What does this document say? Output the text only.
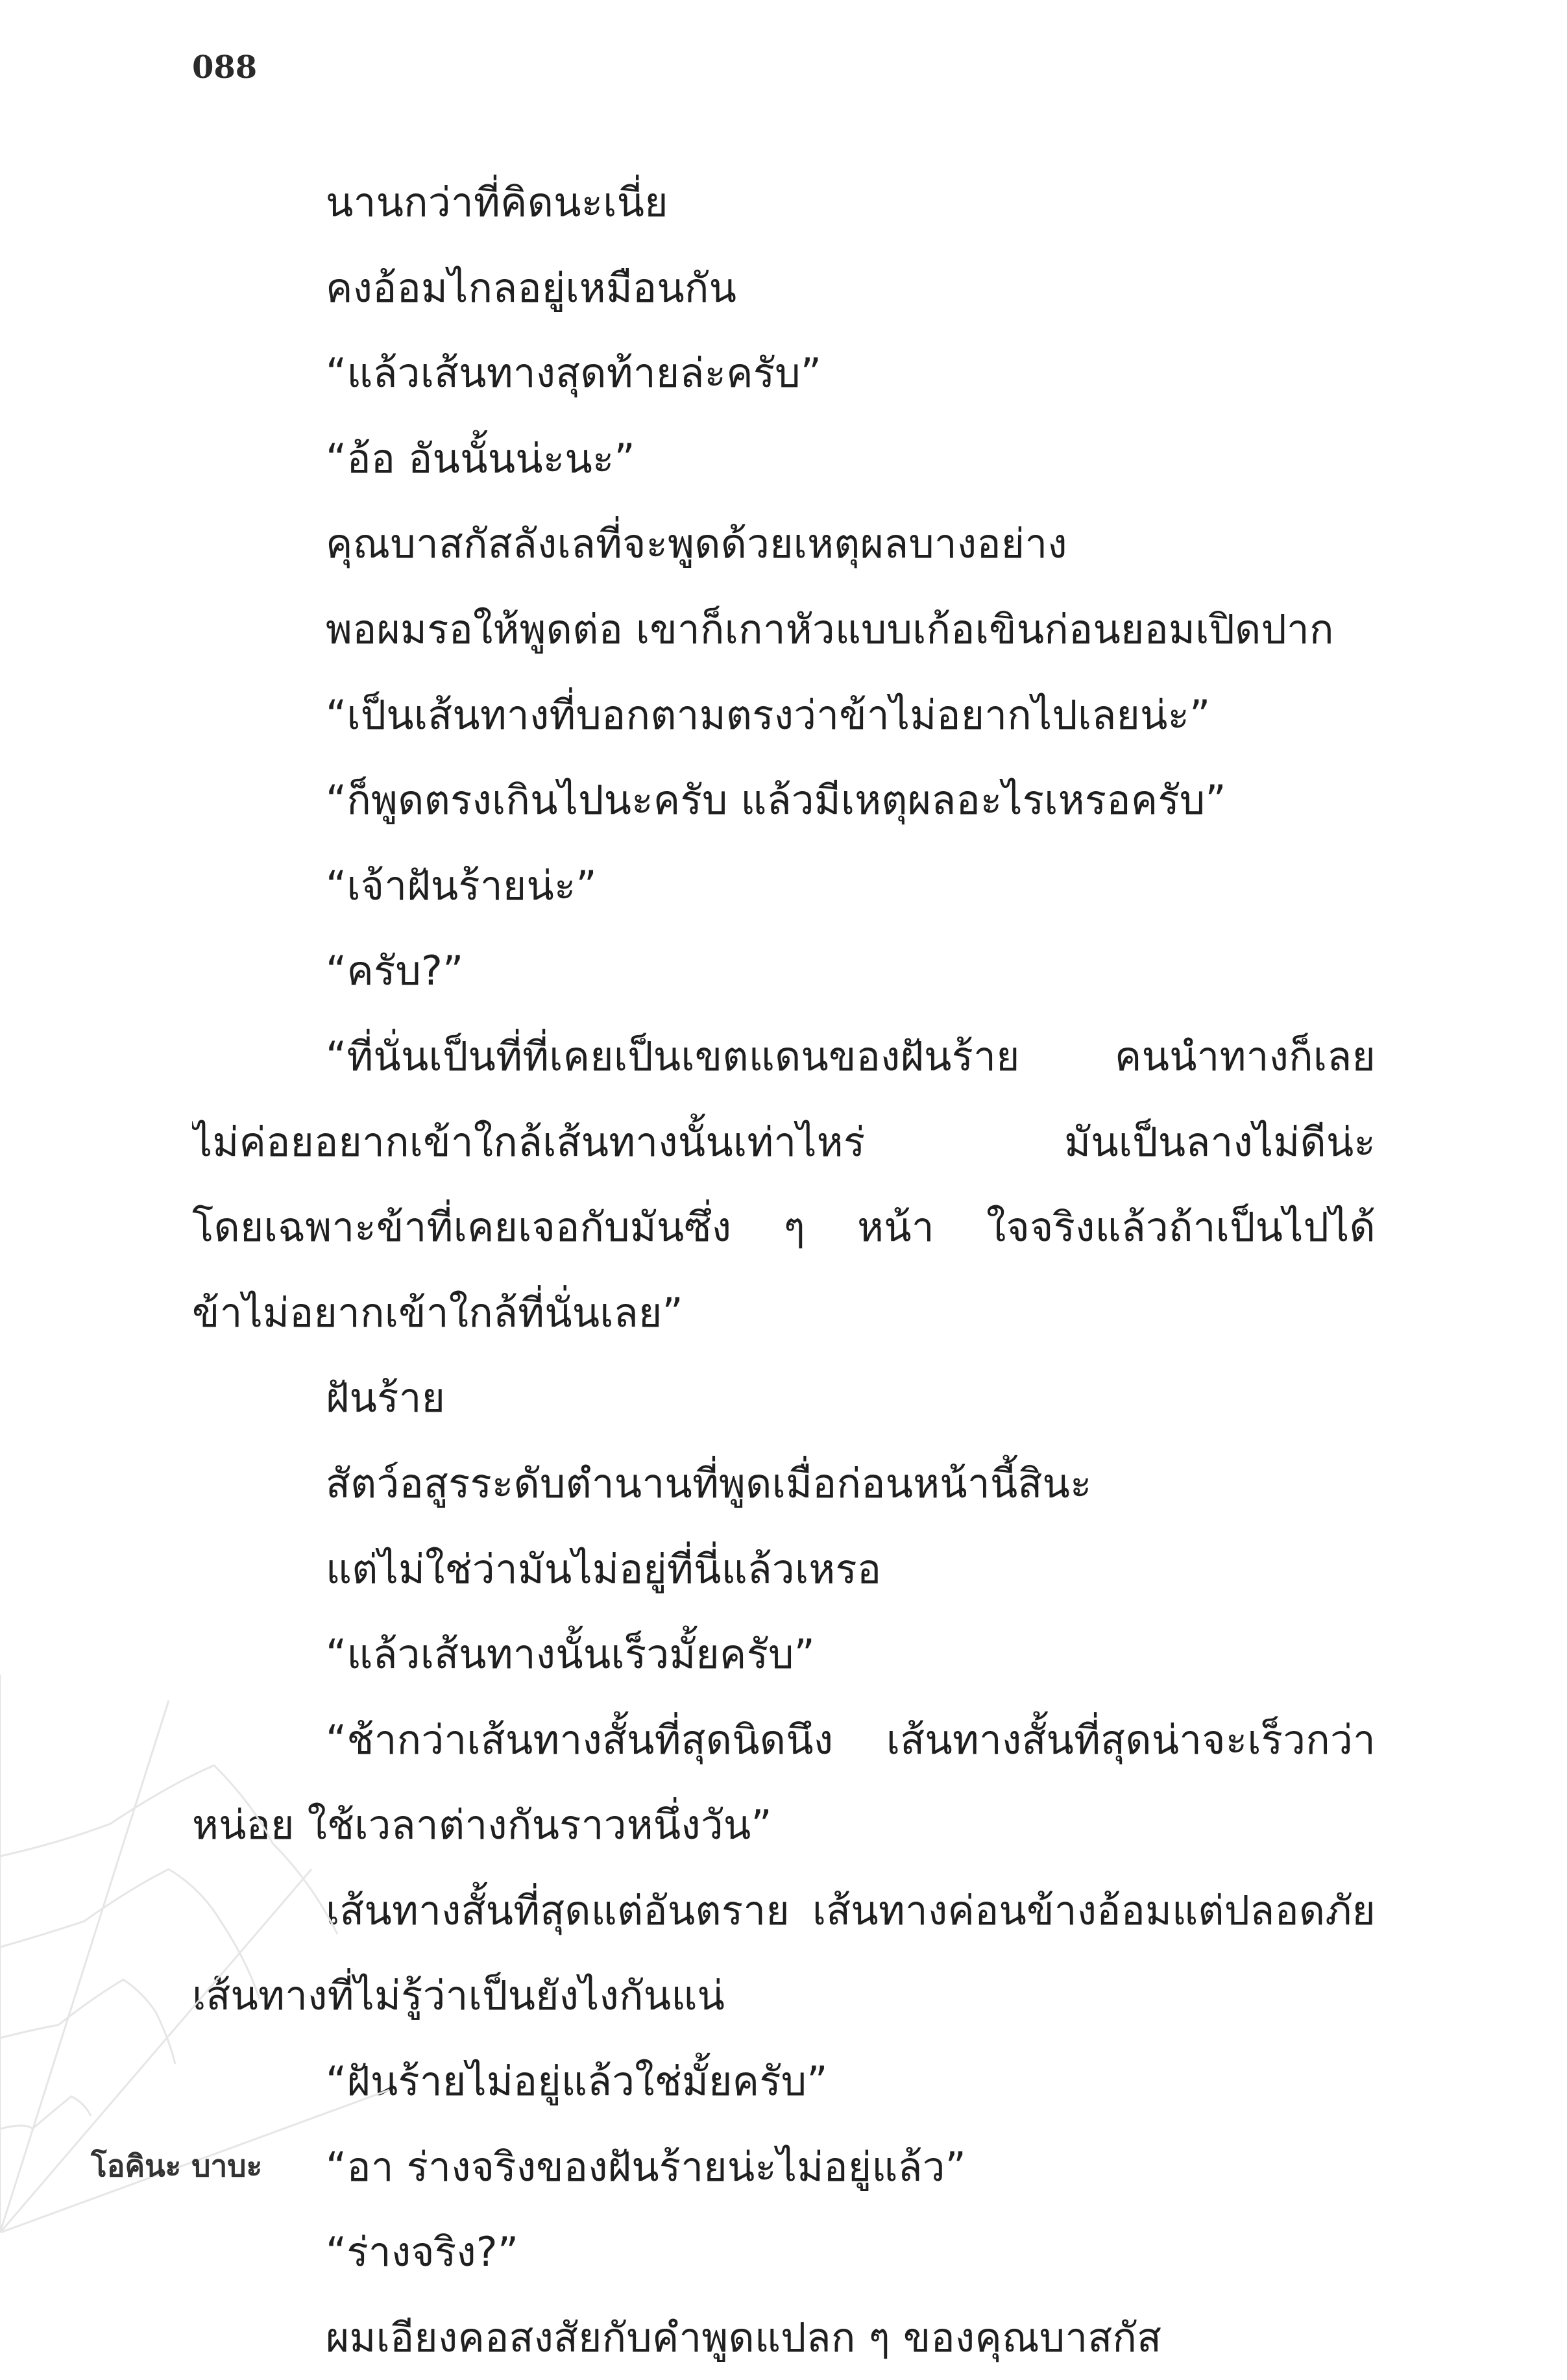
088
นานกว่าที่คิดนะเนี่ย
คงอ้อมไกลอยู่เหมือนกัน
“แล้วเส้นทางสุดท้ายล่ะครับ”
“อ้อ อันนั้นน่ะนะ”
คุณบาสกัสลังเลที่จะพูดด้วยเหตุผลบางอย่าง
พอผมรอให้พูดต่อ เขาก็เกาหัวแบบเก้อเขินก่อนยอมเปิดปาก
“เป็นเส้นทางที่บอกตามตรงว่าข้าไม่อยากไปเลยน่ะ”
“ก็พูดตรงเกินไปนะครับ แล้วมีเหตุผลอะไรเหรอครับ”
“เจ้าฝันร้ายน่ะ”
“ครับ?”
“ที่นั่นเป็นที่ที่เคยเป็นเขตแดนของฝันร้าย คนนำทางก็เลย
ไม่ค่อยอยากเข้าใกล้เส้นทางนั้นเท่าไหร่ มันเป็นลางไม่ดีน่ะ
โดยเฉพาะข้าที่เคยเจอกับมันซึ่ง ๆ หน้า ใจจริงแล้วถ้าเป็นไปได้
ข้าไม่อยากเข้าใกล้ที่นั่นเลย”
ฝันร้าย
สัตว์อสูรระดับตำนานที่พูดเมื่อก่อนหน้านี้สินะ
แต่ไม่ใช่ว่ามันไม่อยู่ที่นี่แล้วเหรอ
“แล้วเส้นทางนั้นเร็วมั้ยครับ”
“ช้ากว่าเส้นทางสั้นที่สุดนิดนึง เส้นทางสั้นที่สุดน่าจะเร็วกว่า
หน่อย ใช้เวลาต่างกันราวหนึ่งวัน”
เส้นทางสั้นที่สุดแต่อันตราย เส้นทางค่อนข้างอ้อมแต่ปลอดภัย
เส้นทางที่ไม่รู้ว่าเป็นยังไงกันแน่
“ฝันร้ายไม่อยู่แล้วใช่มั้ยครับ”
“อา ร่างจริงของฝันร้ายน่ะไม่อยู่แล้ว”
“ร่างจริง?”
ผมเอียงคอสงสัยกับคำพูดแปลก ๆ ของคุณบาสกัส
โอคินะ บาบะ
